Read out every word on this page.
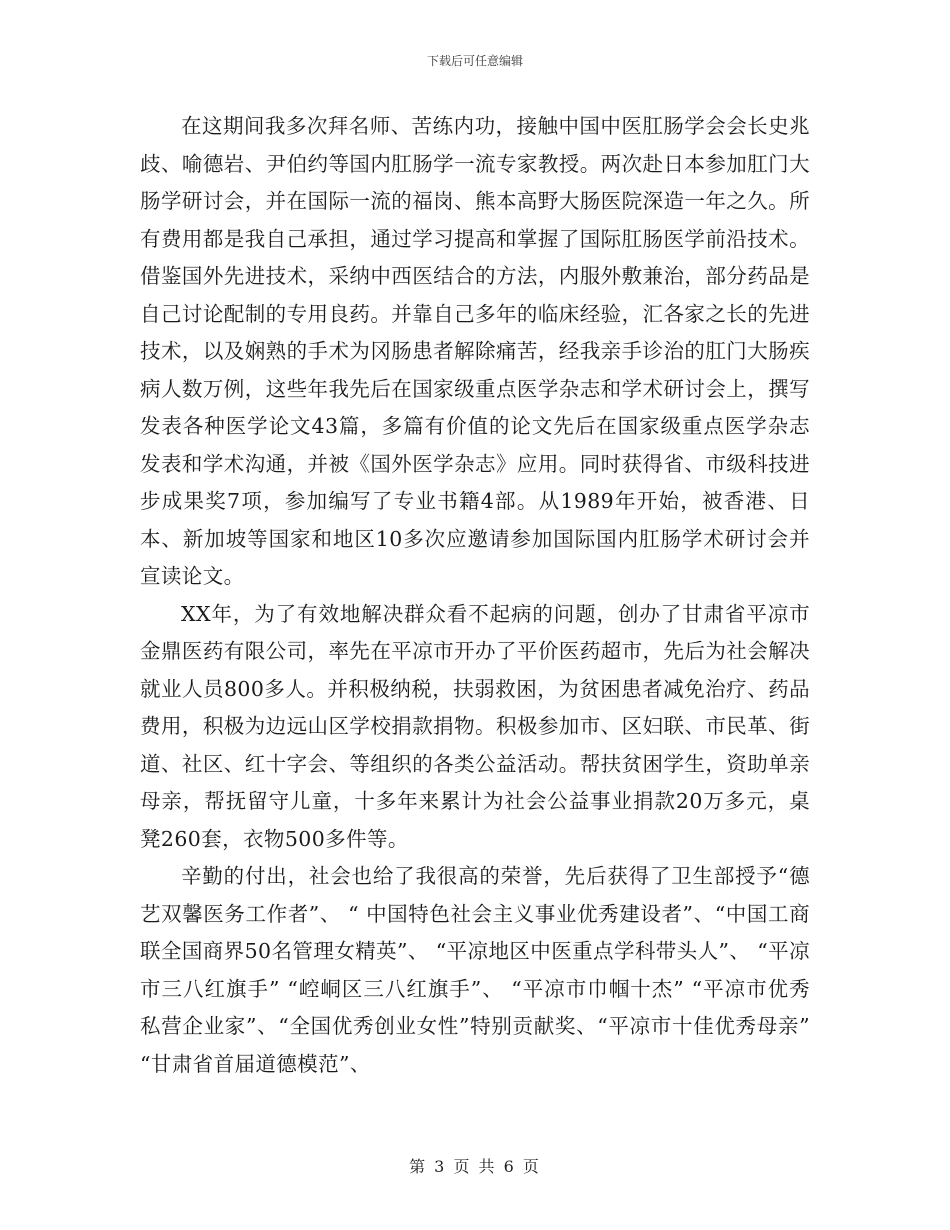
下载后可任意编辑

在这期间我多次拜名师、苦练内功，接触中国中医肛肠学会会长史兆歧、喻德岩、尹伯约等国内肛肠学一流专家教授。两次赴日本参加肛门大肠学研讨会，并在国际一流的福岗、熊本高野大肠医院深造一年之久。所有费用都是我自己承担，通过学习提高和掌握了国际肛肠医学前沿技术。借鉴国外先进技术，采纳中西医结合的方法，内服外敷兼治，部分药品是自己讨论配制的专用良药。并靠自己多年的临床经验，汇各家之长的先进技术，以及娴熟的手术为冈肠患者解除痛苦，经我亲手诊治的肛门大肠疾病人数万例，这些年我先后在国家级重点医学杂志和学术研讨会上，撰写发表各种医学论文43篇，多篇有价值的论文先后在国家级重点医学杂志发表和学术沟通，并被《国外医学杂志》应用。同时获得省、市级科技进步成果奖7项，参加编写了专业书籍4部。从1989年开始，被香港、日本、新加坡等国家和地区10多次应邀请参加国际国内肛肠学术研讨会并宣读论文。

XX年，为了有效地解决群众看不起病的问题，创办了甘肃省平凉市金鼎医药有限公司，率先在平凉市开办了平价医药超市，先后为社会解决就业人员800多人。并积极纳税，扶弱救困，为贫困患者减免治疗、药品费用，积极为边远山区学校捐款捐物。积极参加市、区妇联、市民革、街道、社区、红十字会、等组织的各类公益活动。帮扶贫困学生，资助单亲母亲，帮抚留守儿童，十多年来累计为社会公益事业捐款20万多元，桌凳260套，衣物500多件等。

辛勤的付出，社会也给了我很高的荣誉，先后获得了卫生部授予“德艺双馨医务工作者”、 “ 中国特色社会主义事业优秀建设者”、“中国工商联全国商界50名管理女精英”、 “平凉地区中医重点学科带头人”、 “平凉市三八红旗手” “崆峒区三八红旗手”、 “平凉市巾帼十杰” “平凉市优秀私营企业家”、“全国优秀创业女性”特别贡献奖、“平凉市十佳优秀母亲” “甘肃省首届道德模范”、

第 3 页 共 6 页
